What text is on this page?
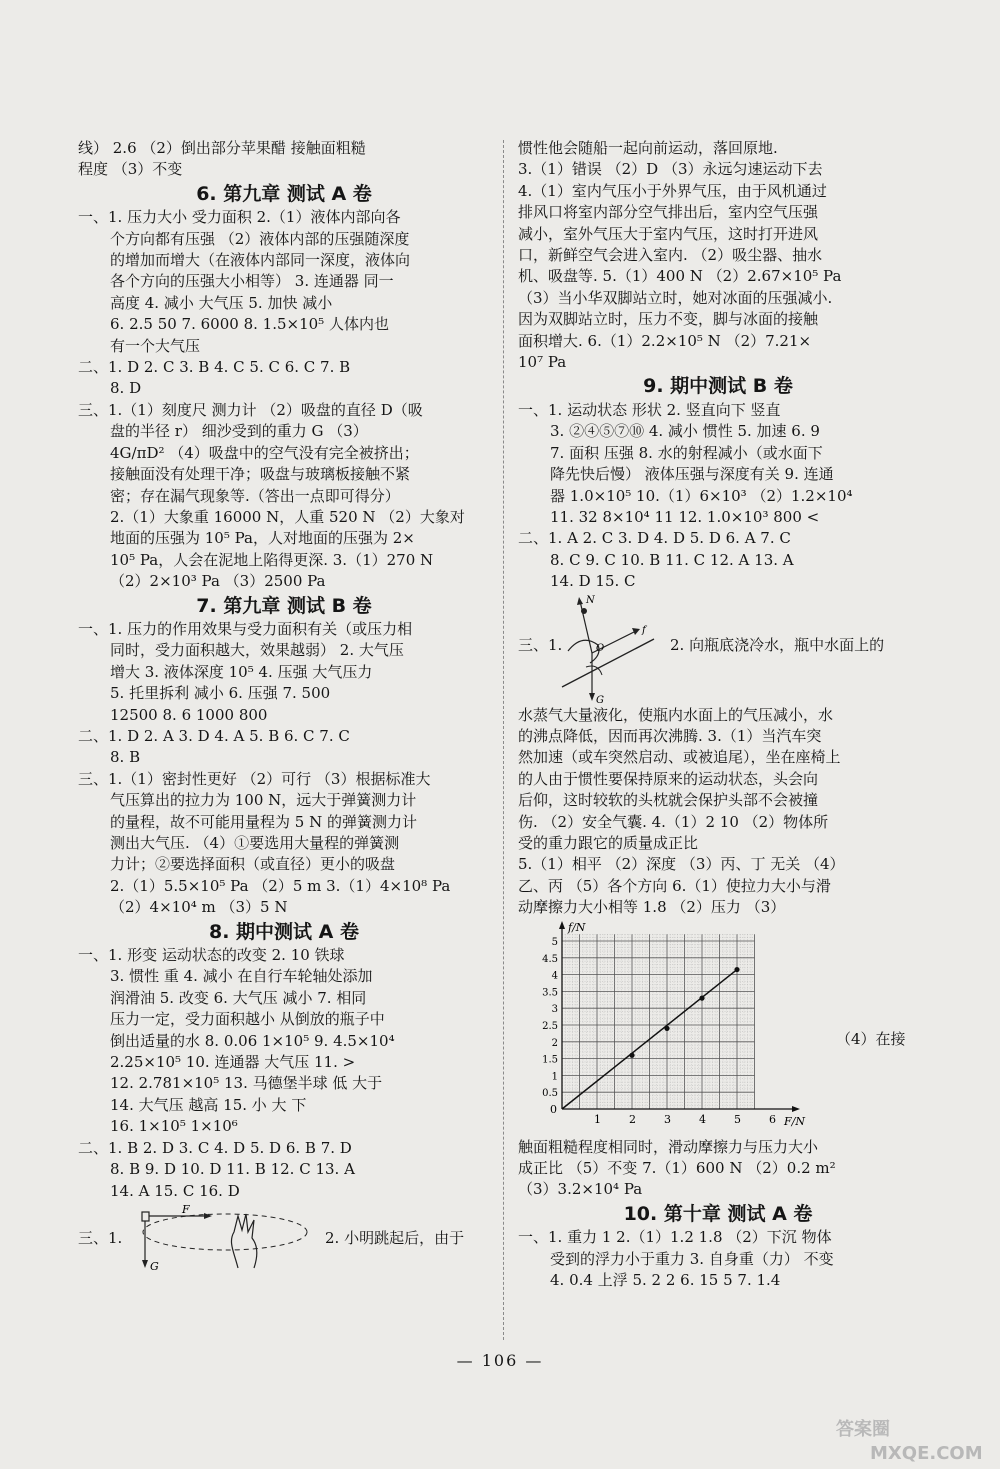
线） 2.6 （2）倒出部分苹果醋 接触面粗糙
程度 （3）不变
6. 第九章 测试 A 卷
一、1. 压力大小 受力面积 2.（1）液体内部向各
个方向都有压强 （2）液体内部的压强随深度
的增加而增大（在液体内部同一深度，液体向
各个方向的压强大小相等） 3. 连通器 同一
高度 4. 减小 大气压 5. 加快 减小
6. 2.5 50 7. 6000 8. 1.5×10⁵ 人体内也
有一个大气压
二、1. D 2. C 3. B 4. C 5. C 6. C 7. B
8. D
三、1.（1）刻度尺 测力计 （2）吸盘的直径 D（吸
盘的半径 r） 细沙受到的重力 G （3）
4G/πD² （4）吸盘中的空气没有完全被挤出；
接触面没有处理干净；吸盘与玻璃板接触不紧
密；存在漏气现象等.（答出一点即可得分）
2.（1）大象重 16000 N，人重 520 N （2）大象对
地面的压强为 10⁵ Pa，人对地面的压强为 2×
10⁵ Pa，人会在泥地上陷得更深. 3.（1）270 N
（2）2×10³ Pa （3）2500 Pa
7. 第九章 测试 B 卷
一、1. 压力的作用效果与受力面积有关（或压力相
同时，受力面积越大，效果越弱） 2. 大气压
增大 3. 液体深度 10⁵ 4. 压强 大气压力
5. 托里拆利 减小 6. 压强 7. 500
12500 8. 6 1000 800
二、1. D 2. A 3. D 4. A 5. B 6. C 7. C
8. B
三、1.（1）密封性更好 （2）可行 （3）根据标准大
气压算出的拉力为 100 N，远大于弹簧测力计
的量程，故不可能用量程为 5 N 的弹簧测力计
测出大气压. （4）①要选用大量程的弹簧测
力计；②要选择面积（或直径）更小的吸盘
2.（1）5.5×10⁵ Pa （2）5 m 3.（1）4×10⁸ Pa
（2）4×10⁴ m （3）5 N
8. 期中测试 A 卷
一、1. 形变 运动状态的改变 2. 10 铁球
3. 惯性 重 4. 减小 在自行车轮轴处添加
润滑油 5. 改变 6. 大气压 减小 7. 相同
压力一定，受力面积越小 从倒放的瓶子中
倒出适量的水 8. 0.06 1×10⁵ 9. 4.5×10⁴
2.25×10⁵ 10. 连通器 大气压 11. >
12. 2.781×10⁵ 13. 马德堡半球 低 大于
14. 大气压 越高 15. 小 大 下
16. 1×10⁵ 1×10⁶
二、1. B 2. D 3. C 4. D 5. D 6. B 7. D
8. B 9. D 10. D 11. B 12. C 13. A
14. A 15. C 16. D
三、1.
F
G
2. 小明跳起后，由于
惯性他会随船一起向前运动，落回原地.
3.（1）错误 （2）D （3）永远匀速运动下去
4.（1）室内气压小于外界气压，由于风机通过
排风口将室内部分空气排出后，室内空气压强
减小，室外气压大于室内气压，这时打开进风
口，新鲜空气会进入室内. （2）吸尘器、抽水
机、吸盘等. 5.（1）400 N （2）2.67×10⁵ Pa
（3）当小华双脚站立时，她对冰面的压强减小.
因为双脚站立时，压力不变，脚与冰面的接触
面积增大. 6.（1）2.2×10⁵ N （2）7.21×
10⁷ Pa
9. 期中测试 B 卷
一、1. 运动状态 形状 2. 竖直向下 竖直
3. ②④⑤⑦⑩ 4. 减小 惯性 5. 加速 6. 9
7. 面积 压强 8. 水的射程减小（或水面下
降先快后慢） 液体压强与深度有关 9. 连通
器 1.0×10⁵ 10.（1）6×10³ （2）1.2×10⁴
11. 32 8×10⁴ 11 12. 1.0×10³ 800 <
二、1. A 2. C 3. D 4. D 5. D 6. A 7. C
8. C 9. C 10. B 11. C 12. A 13. A
14. D 15. C
三、1.
N
O
f
G
2. 向瓶底浇冷水，瓶中水面上的
水蒸气大量液化，使瓶内水面上的气压减小，水
的沸点降低，因而再次沸腾. 3.（1）当汽车突
然加速（或车突然启动、或被追尾），坐在座椅上
的人由于惯性要保持原来的运动状态，头会向
后仰，这时较软的头枕就会保护头部不会被撞
伤. （2）安全气囊. 4.（1）2 10 （2）物体所
受的重力跟它的质量成正比
5.（1）相平 （2）深度 （3）丙、丁 无关 （4）
乙、丙 （5）各个方向 6.（1）使拉力大小与滑
动摩擦力大小相等 1.8 （2）压力 （3）
1	2	3	4	5	6
0.5
1
1.5
2
2.5
3
3.5
4
4.5
5
f/N
F/N
0
（4）在接
触面粗糙程度相同时，滑动摩擦力与压力大小
成正比 （5）不变 7.（1）600 N （2）0.2 m²
（3）3.2×10⁴ Pa
10. 第十章 测试 A 卷
一、1. 重力 1 2.（1）1.2 1.8 （2）下沉 物体
受到的浮力小于重力 3. 自身重（力） 不变
4. 0.4 上浮 5. 2 2 6. 15 5 7. 1.4
— 106 —
答案圈
MXQE.COM
